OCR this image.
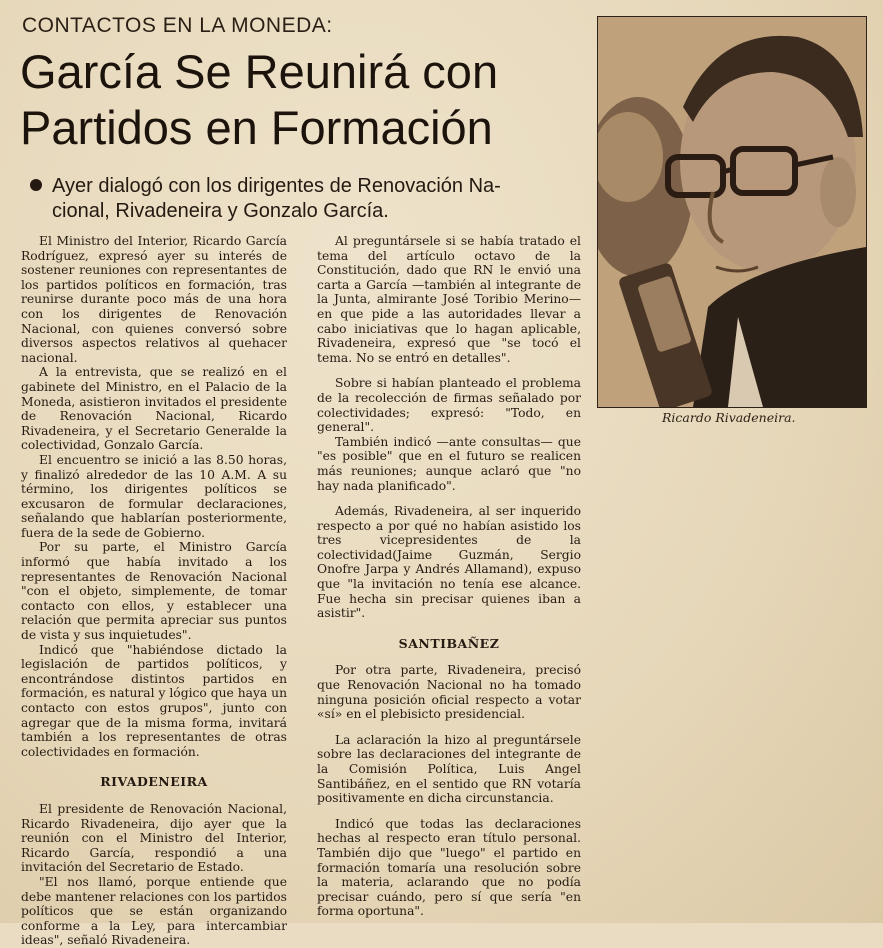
CONTACTOS EN LA MONEDA:
García Se Reunirá con
Partidos en Formación
Ayer dialogó con los dirigentes de Renovación Na-
cional, Rivadeneira y Gonzalo García.

El Ministro del Interior, Ricardo García Rodríguez, expresó ayer su interés de sostener reuniones con representantes de los partidos políticos en formación, tras reunirse durante poco más de una hora con los dirigentes de Renovación Nacional, con quienes conversó sobre diversos aspectos relativos al quehacer nacional.

A la entrevista, que se realizó en el gabinete del Ministro, en el Palacio de la Moneda, asistieron invitados el presidente de Renovación Nacional, Ricardo Rivadeneira, y el Secretario Generalde la colectividad, Gonzalo García.

El encuentro se inició a las 8.50 horas, y finalizó alrededor de las 10 A.M. A su término, los dirigentes políticos se excusaron de formular declaraciones, señalando que hablarían posteriormente, fuera de la sede de Gobierno.

Por su parte, el Ministro García informó que había invitado a los representantes de Renovación Nacional "con el objeto, simplemente, de tomar contacto con ellos, y establecer una relación que permita apreciar sus puntos de vista y sus inquietudes".

Indicó que "habiéndose dictado la legislación de partidos políticos, y encontrándose distintos partidos en formación, es natural y lógico que haya un contacto con estos grupos", junto con agregar que de la misma forma, invitará también a los representantes de otras colectividades en formación.

RIVADENEIRA

El presidente de Renovación Nacional, Ricardo Rivadeneira, dijo ayer que la reunión con el Ministro del Interior, Ricardo García, respondió a una invitación del Secretario de Estado.

"El nos llamó, porque entiende que debe mantener relaciones con los partidos políticos que se están organizando conforme a la Ley, para intercambiar ideas", señaló Rivadeneira.

Al preguntársele si se había tratado el tema del artículo octavo de la Constitución, dado que RN le envió una carta a García —también al integrante de la Junta, almirante José Toribio Merino— en que pide a las autoridades llevar a cabo iniciativas que lo hagan aplicable, Rivadeneira, expresó que "se tocó el tema. No se entró en detalles".

Sobre si habían planteado el problema de la recolección de firmas señalado por colectividades; expresó: "Todo, en general".

También indicó —ante consultas— que "es posible" que en el futuro se realicen más reuniones; aunque aclaró que "no hay nada planificado".

Además, Rivadeneira, al ser inquerido respecto a por qué no habían asistido los tres vicepresidentes de la colectividad(Jaime Guzmán, Sergio Onofre Jarpa y Andrés Allamand), expuso que "la invitación no tenía ese alcance. Fue hecha sin precisar quienes iban a asistir".

SANTIBAÑEZ

Por otra parte, Rivadeneira, precisó que Renovación Nacional no ha tomado ninguna posición oficial respecto a votar «sí» en el plebisicto presidencial.

La aclaración la hizo al preguntársele sobre las declaraciones del integrante de la Comisión Política, Luis Angel Santibáñez, en el sentido que RN votaría positivamente en dicha circunstancia.

Indicó que todas las declaraciones hechas al respecto eran título personal. También dijo que "luego" el partido en formación tomaría una resolución sobre la materia, aclarando que no podía precisar cuándo, pero sí que sería "en forma oportuna".

Ricardo Rivadeneira.
